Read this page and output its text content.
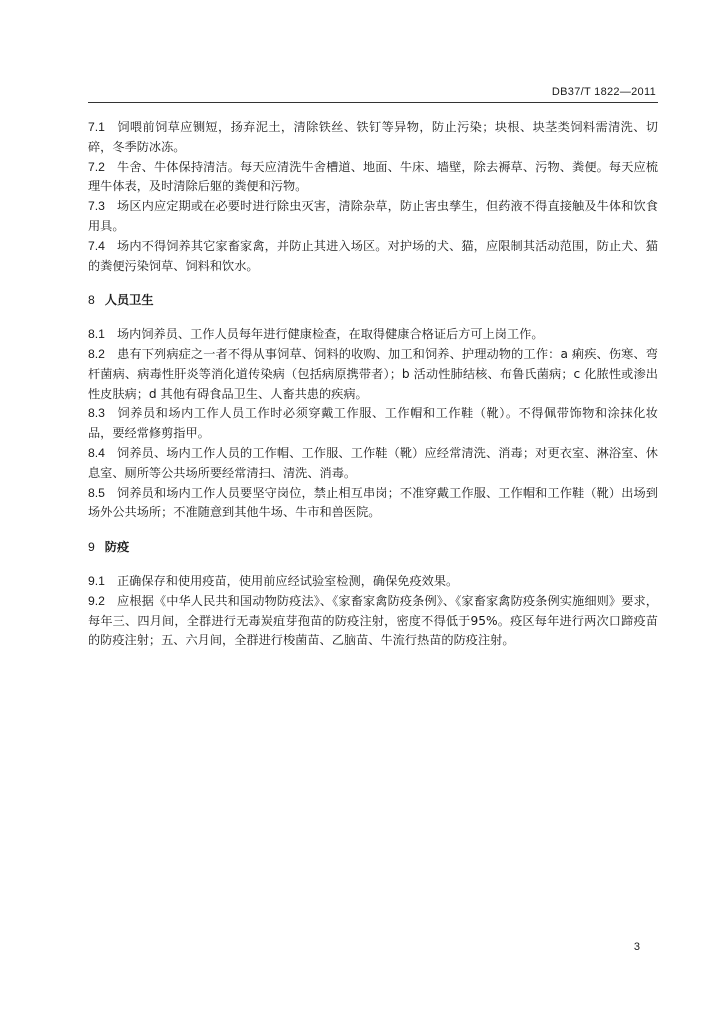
DB37/T 1822—2011

7.1 饲喂前饲草应铡短，扬弃泥土，清除铁丝、铁钉等异物，防止污染；块根、块茎类饲料需清洗、切碎，冬季防冰冻。

7.2 牛舍、牛体保持清洁。每天应清洗牛舍槽道、地面、牛床、墙壁，除去褥草、污物、粪便。每天应梳理牛体表，及时清除后躯的粪便和污物。

7.3 场区内应定期或在必要时进行除虫灭害，清除杂草，防止害虫孳生，但药液不得直接触及牛体和饮食用具。

7.4 场内不得饲养其它家畜家禽，并防止其进入场区。对护场的犬、猫，应限制其活动范围，防止犬、猫的粪便污染饲草、饲料和饮水。

8 人员卫生

8.1 场内饲养员、工作人员每年进行健康检查，在取得健康合格证后方可上岗工作。

8.2 患有下列病症之一者不得从事饲草、饲料的收购、加工和饲养、护理动物的工作：a 痢疾、伤寒、弯杆菌病、病毒性肝炎等消化道传染病（包括病原携带者）；b 活动性肺结核、布鲁氏菌病；c 化脓性或渗出性皮肤病；d 其他有碍食品卫生、人畜共患的疾病。

8.3 饲养员和场内工作人员工作时必须穿戴工作服、工作帽和工作鞋（靴）。不得佩带饰物和涂抹化妆品，要经常修剪指甲。

8.4 饲养员、场内工作人员的工作帽、工作服、工作鞋（靴）应经常清洗、消毒；对更衣室、淋浴室、休息室、厕所等公共场所要经常清扫、清洗、消毒。

8.5 饲养员和场内工作人员要坚守岗位，禁止相互串岗；不准穿戴工作服、工作帽和工作鞋（靴）出场到场外公共场所；不准随意到其他牛场、牛市和兽医院。

9 防疫

9.1 正确保存和使用疫苗，使用前应经试验室检测，确保免疫效果。

9.2 应根据《中华人民共和国动物防疫法》、《家畜家禽防疫条例》、《家畜家禽防疫条例实施细则》要求，每年三、四月间，全群进行无毒炭疽芽孢苗的防疫注射，密度不得低于95%。疫区每年进行两次口蹄疫苗的防疫注射；五、六月间，全群进行梭菌苗、乙脑苗、牛流行热苗的防疫注射。

3
